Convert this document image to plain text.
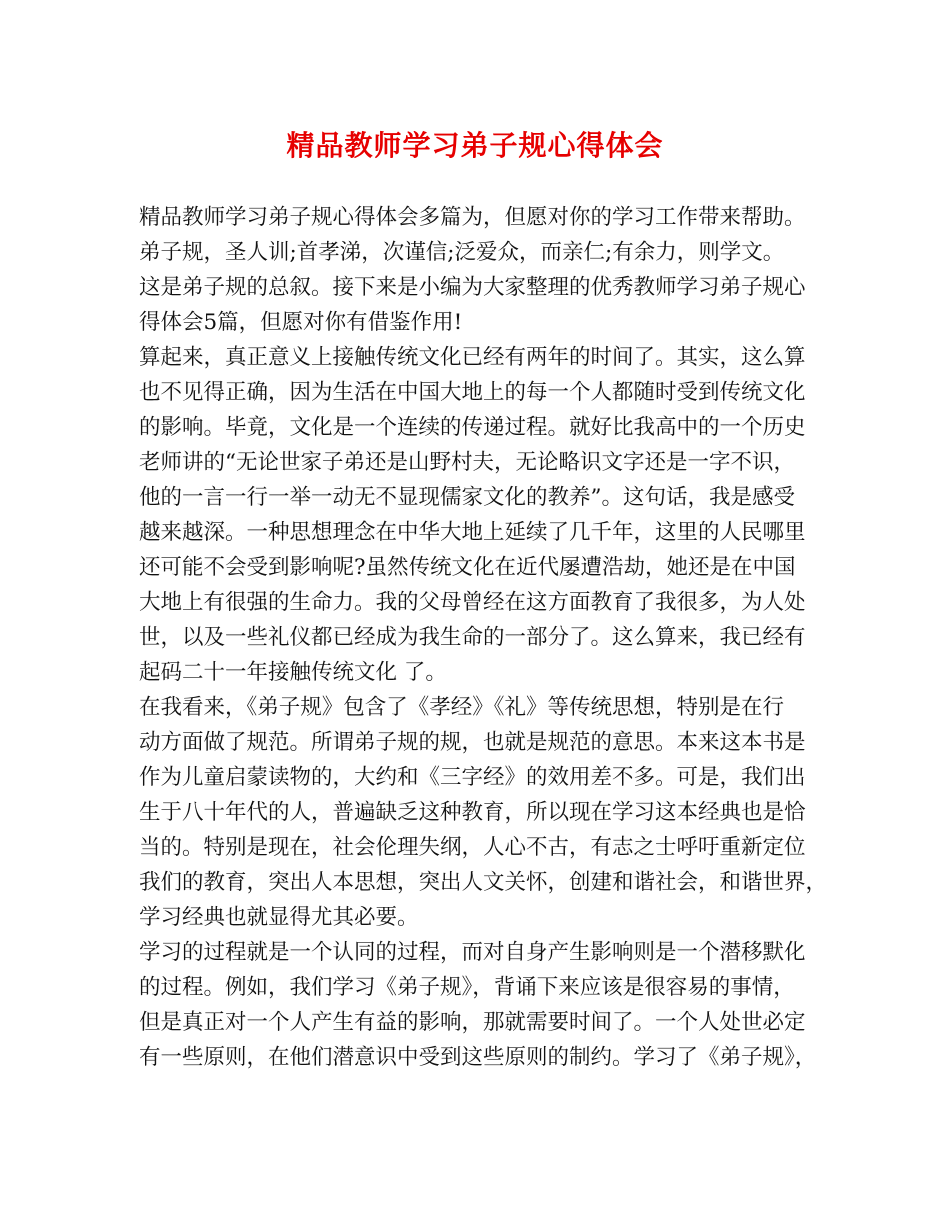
精品教师学习弟子规心得体会
精品教师学习弟子规心得体会多篇为，但愿对你的学习工作带来帮助。
弟子规，圣人训;首孝涕，次谨信;泛爱众，而亲仁;有余力，则学文。
这是弟子规的总叙。接下来是小编为大家整理的优秀教师学习弟子规心
得体会5篇，但愿对你有借鉴作用!
算起来，真正意义上接触传统文化已经有两年的时间了。其实，这么算
也不见得正确，因为生活在中国大地上的每一个人都随时受到传统文化
的影响。毕竟，文化是一个连续的传递过程。就好比我高中的一个历史
老师讲的“无论世家子弟还是山野村夫，无论略识文字还是一字不识，
他的一言一行一举一动无不显现儒家文化的教养”。这句话，我是感受
越来越深。一种思想理念在中华大地上延续了几千年，这里的人民哪里
还可能不会受到影响呢?虽然传统文化在近代屡遭浩劫，她还是在中国
大地上有很强的生命力。我的父母曾经在这方面教育了我很多，为人处
世，以及一些礼仪都已经成为我生命的一部分了。这么算来，我已经有
起码二十一年接触传统文化 了。
在我看来，《弟子规》包含了《孝经》《礼》等传统思想，特别是在行
动方面做了规范。所谓弟子规的规，也就是规范的意思。本来这本书是
作为儿童启蒙读物的，大约和《三字经》的效用差不多。可是，我们出
生于八十年代的人，普遍缺乏这种教育，所以现在学习这本经典也是恰
当的。特别是现在，社会伦理失纲，人心不古，有志之士呼吁重新定位
我们的教育，突出人本思想，突出人文关怀，创建和谐社会，和谐世界，
学习经典也就显得尤其必要。
学习的过程就是一个认同的过程，而对自身产生影响则是一个潜移默化
的过程。例如，我们学习《弟子规》，背诵下来应该是很容易的事情，
但是真正对一个人产生有益的影响，那就需要时间了。一个人处世必定
有一些原则，在他们潜意识中受到这些原则的制约。学习了《弟子规》，
